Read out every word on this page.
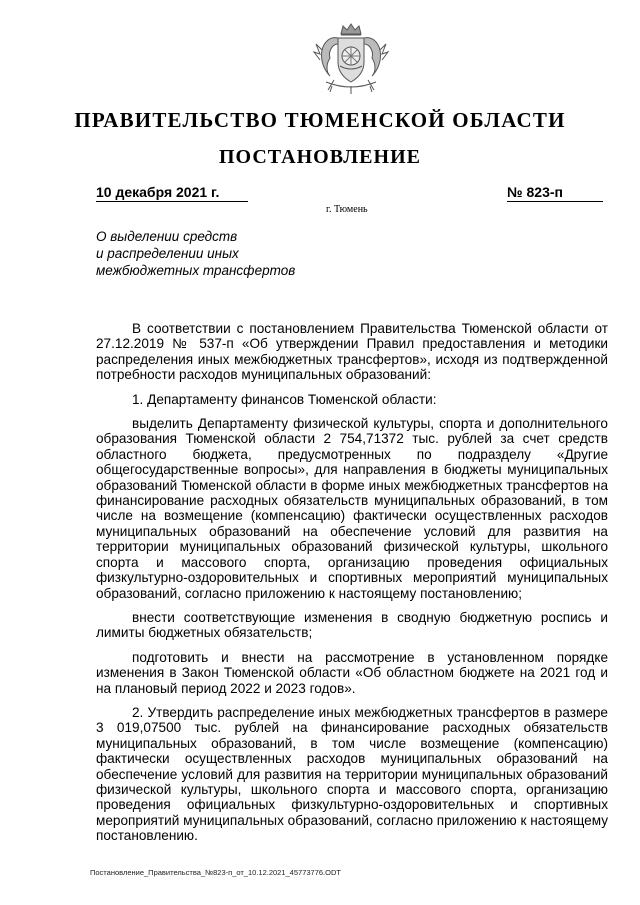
ПРАВИТЕЛЬСТВО ТЮМЕНСКОЙ ОБЛАСТИ
ПОСТАНОВЛЕНИЕ
10 декабря 2021 г.	№ 823-п
г. Тюмень
О выделении средств
и распределении иных
межбюджетных трансфертов

В соответствии с постановлением Правительства Тюменской области от 27.12.2019 № 537-п «Об утверждении Правил предоставления и методики распределения иных межбюджетных трансфертов», исходя из подтвержденной потребности расходов муниципальных образований:

1. Департаменту финансов Тюменской области:

выделить Департаменту физической культуры, спорта и дополнительного образования Тюменской области 2 754,71372 тыс. рублей за счет средств областного бюджета, предусмотренных по подразделу «Другие общегосударственные вопросы», для направления в бюджеты муниципальных образований Тюменской области в форме иных межбюджетных трансфертов на финансирование расходных обязательств муниципальных образований, в том числе на возмещение (компенсацию) фактически осуществленных расходов муниципальных образований на обеспечение условий для развития на территории муниципальных образований физической культуры, школьного спорта и массового спорта, организацию проведения официальных физкультурно-оздоровительных и спортивных мероприятий муниципальных образований, согласно приложению к настоящему постановлению;

внести соответствующие изменения в сводную бюджетную роспись и лимиты бюджетных обязательств;

подготовить и внести на рассмотрение в установленном порядке изменения в Закон Тюменской области «Об областном бюджете на 2021 год и на плановый период 2022 и 2023 годов».

2. Утвердить распределение иных межбюджетных трансфертов в размере 3 019,07500 тыс. рублей на финансирование расходных обязательств муниципальных образований, в том числе возмещение (компенсацию) фактически осуществленных расходов муниципальных образований на обеспечение условий для развития на территории муниципальных образований физической культуры, школьного спорта и массового спорта, организацию проведения официальных физкультурно-оздоровительных и спортивных мероприятий муниципальных образований, согласно приложению к настоящему постановлению.

Постановление_Правительства_№823-п_от_10.12.2021_45773776.ODT
